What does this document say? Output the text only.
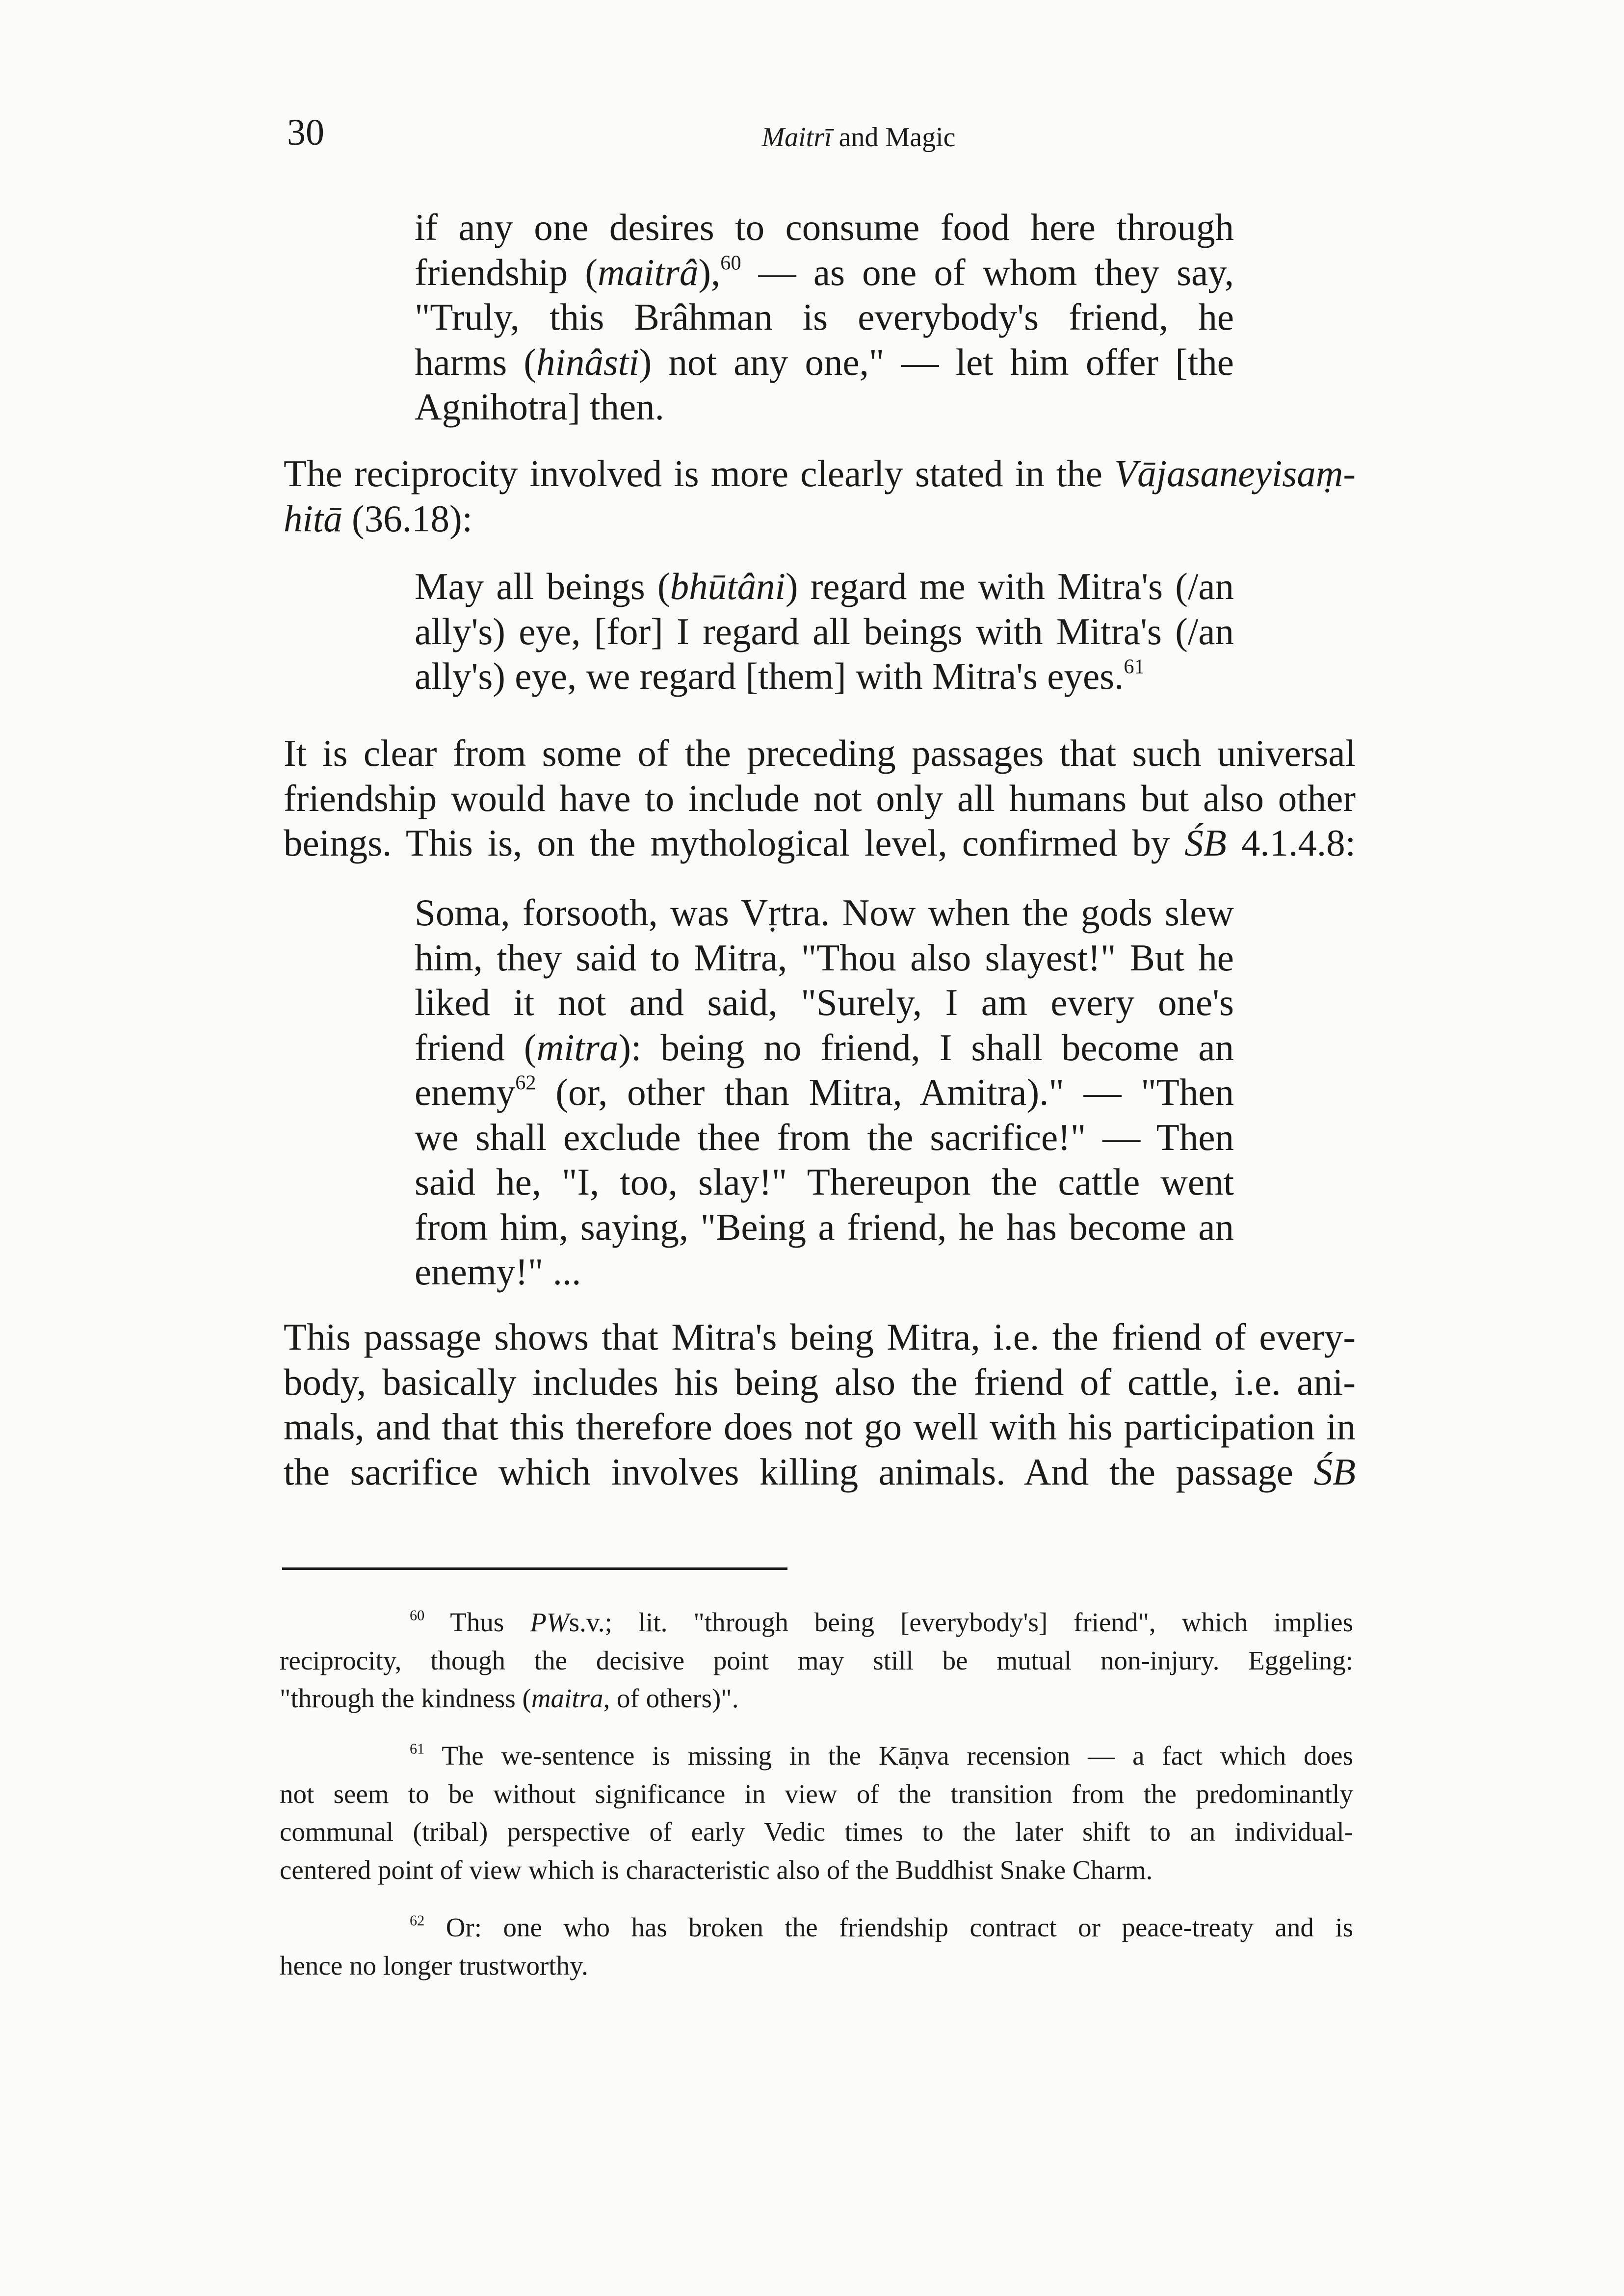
30	Maitrī and Magic
if any one desires to consume food here through
friendship (maitrâ),$^{60}$ — as one of whom they say,
"Truly, this Brâhman is everybody's friend, he
harms (hinâsti) not any one," — let him offer [the
Agnihotra] then.
The reciprocity involved is more clearly stated in the Vājasaneyisaṃ-
hitā (36.18):
May all beings (bhūtâni) regard me with Mitra's (/an
ally's) eye, [for] I regard all beings with Mitra's (/an
ally's) eye, we regard [them] with Mitra's eyes.$^{61}$
It is clear from some of the preceding passages that such universal
friendship would have to include not only all humans but also other
beings. This is, on the mythological level, confirmed by ŚB 4.1.4.8:
Soma, forsooth, was Vṛtra. Now when the gods slew
him, they said to Mitra, "Thou also slayest!" But he
liked it not and said, "Surely, I am every one's
friend (mitra): being no friend, I shall become an
enemy$^{62}$ (or, other than Mitra, Amitra)." — "Then
we shall exclude thee from the sacrifice!" — Then
said he, "I, too, slay!" Thereupon the cattle went
from him, saying, "Being a friend, he has become an
enemy!" ...
This passage shows that Mitra's being Mitra, i.e. the friend of every-
body, basically includes his being also the friend of cattle, i.e. ani-
mals, and that this therefore does not go well with his participation in
the sacrifice which involves killing animals. And the passage ŚB
$^{60}$ Thus PWs.v.; lit. "through being [everybody's] friend", which implies
reciprocity, though the decisive point may still be mutual non-injury. Eggeling:
"through the kindness (maitra, of others)".
$^{61}$ The we-sentence is missing in the Kāṇva recension — a fact which does
not seem to be without significance in view of the transition from the predominantly
communal (tribal) perspective of early Vedic times to the later shift to an individual-
centered point of view which is characteristic also of the Buddhist Snake Charm.
$^{62}$ Or: one who has broken the friendship contract or peace-treaty and is
hence no longer trustworthy.
